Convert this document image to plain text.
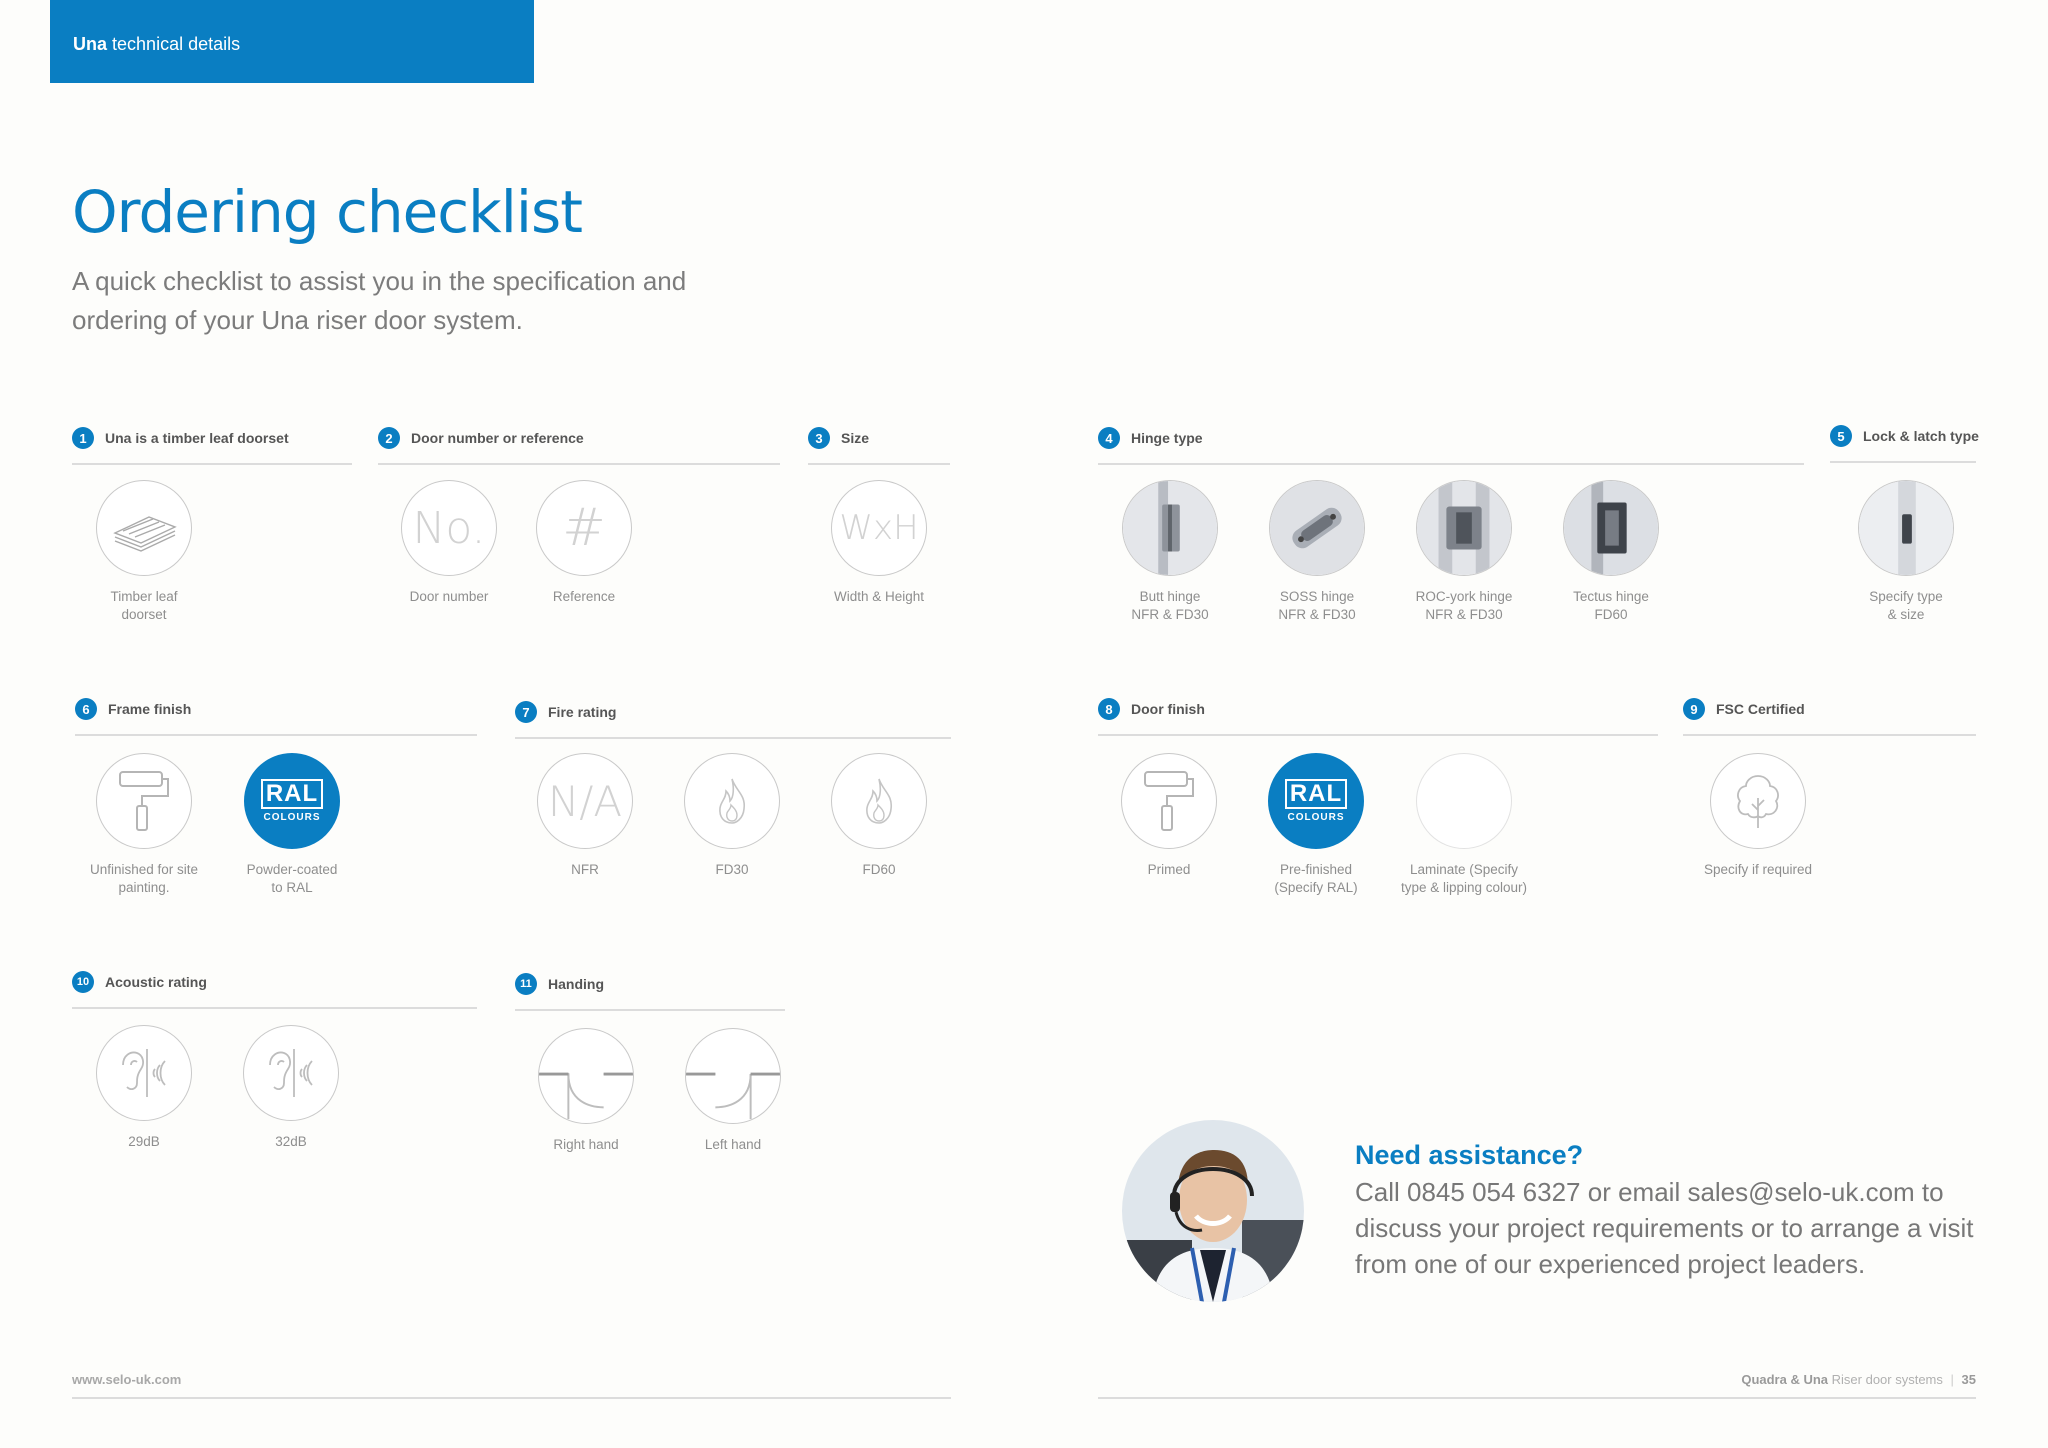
Una technical details
Ordering checklist
A quick checklist to assist you in the specification and ordering of your Una riser door system.
1	Una is a timber leaf doorset
Timber leaf
doorset
2	Door number or reference
No.
Door number
#
Reference
3	Size
WxH
Width & Height
4	Hinge type
Butt hinge
NFR & FD30
SOSS hinge
NFR & FD30
ROC-york hinge
NFR & FD30
Tectus hinge
FD60
5	Lock & latch type
Specify type
& size
6	Frame finish
Unfinished for site
painting.
RAL
COLOURS
Powder-coated
to RAL
7	Fire rating
N/A
NFR	FD30	FD60
8	Door finish
Primed
RAL
COLOURS
Pre-finished
(Specify RAL)
Laminate (Specify
type & lipping colour)
9	FSC Certified
Specify if required
10	Acoustic rating
29dB	32dB
11	Handing
Right hand	Left hand	Need assistance?
Call 0845 054 6327 or email sales@selo-uk.com to discuss your project requirements or to arrange a visit from one of our experienced project leaders.
www.selo-uk.com	Quadra & Una Riser door systems | 35
